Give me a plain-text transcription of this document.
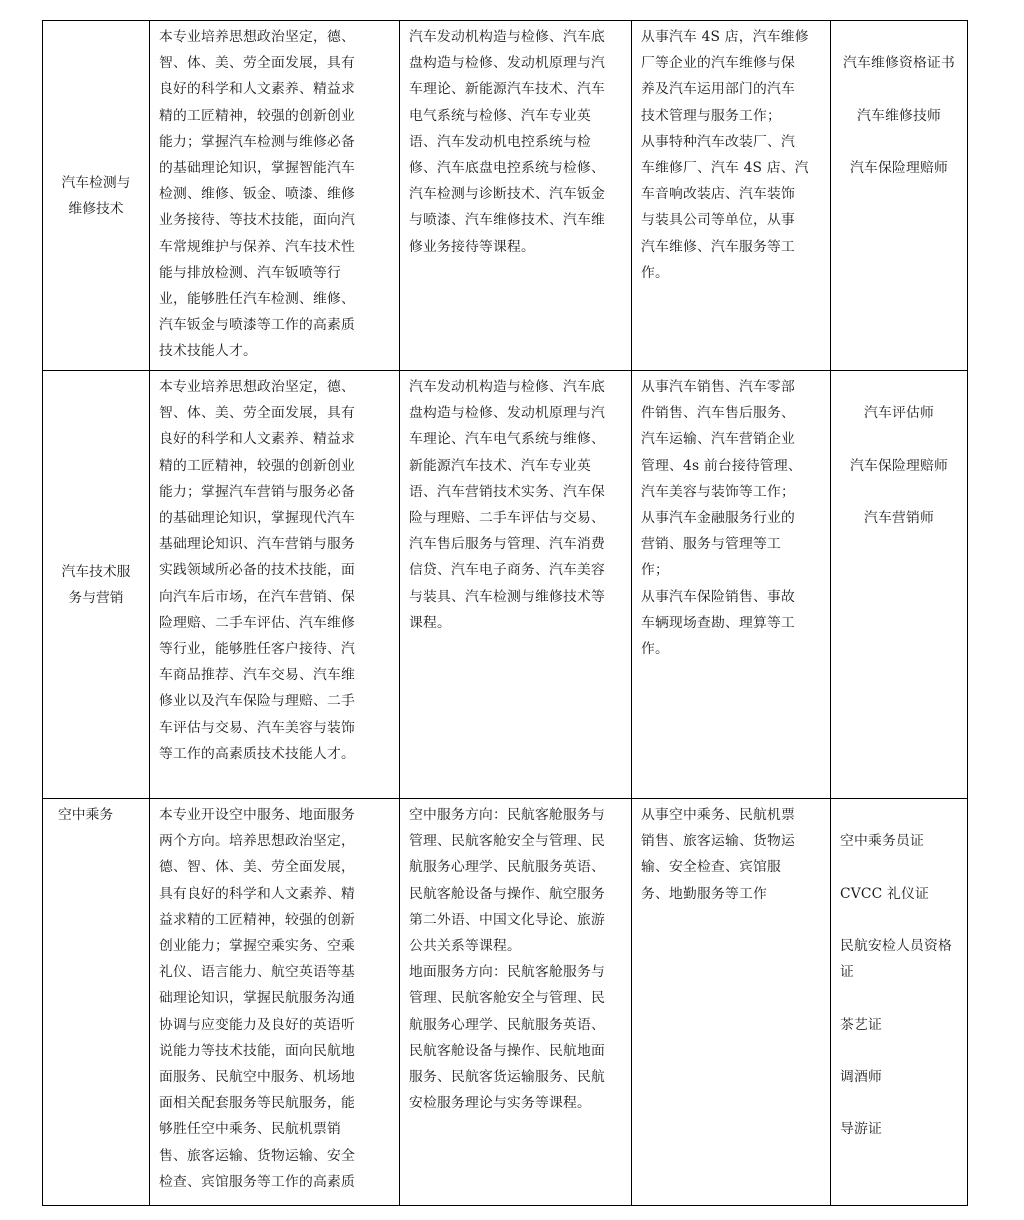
汽车检测与
维修技术
本专业培养思想政治坚定，德、
智、体、美、劳全面发展，具有
良好的科学和人文素养、精益求
精的工匠精神，较强的创新创业
能力；掌握汽车检测与维修必备
的基础理论知识，掌握智能汽车
检测、维修、钣金、喷漆、维修
业务接待、等技术技能，面向汽
车常规维护与保养、汽车技术性
能与排放检测、汽车钣喷等行
业，能够胜任汽车检测、维修、
汽车钣金与喷漆等工作的高素质
技术技能人才。
汽车发动机构造与检修、汽车底
盘构造与检修、发动机原理与汽
车理论、新能源汽车技术、汽车
电气系统与检修、汽车专业英
语、汽车发动机电控系统与检
修、汽车底盘电控系统与检修、
汽车检测与诊断技术、汽车钣金
与喷漆、汽车维修技术、汽车维
修业务接待等课程。
从事汽车 4S 店，汽车维修
厂等企业的汽车维修与保
养及汽车运用部门的汽车
技术管理与服务工作；
从事特种汽车改装厂、汽
车维修厂、汽车 4S 店、汽
车音响改装店、汽车装饰
与装具公司等单位，从事
汽车维修、汽车服务等工
作。

汽车维修资格证书

汽车维修技师

汽车保险理赔师

汽车技术服
务与营销
本专业培养思想政治坚定，德、
智、体、美、劳全面发展，具有
良好的科学和人文素养、精益求
精的工匠精神，较强的创新创业
能力；掌握汽车营销与服务必备
的基础理论知识，掌握现代汽车
基础理论知识、汽车营销与服务
实践领域所必备的技术技能，面
向汽车后市场，在汽车营销、保
险理赔、二手车评估、汽车维修
等行业，能够胜任客户接待、汽
车商品推荐、汽车交易、汽车维
修业以及汽车保险与理赔、二手
车评估与交易、汽车美容与装饰
等工作的高素质技术技能人才。
汽车发动机构造与检修、汽车底
盘构造与检修、发动机原理与汽
车理论、汽车电气系统与维修、
新能源汽车技术、汽车专业英
语、汽车营销技术实务、汽车保
险与理赔、二手车评估与交易、
汽车售后服务与管理、汽车消费
信贷、汽车电子商务、汽车美容
与装具、汽车检测与维修技术等
课程。
从事汽车销售、汽车零部
件销售、汽车售后服务、
汽车运输、汽车营销企业
管理、4s 前台接待管理、
汽车美容与装饰等工作；
从事汽车金融服务行业的
营销、服务与管理等工
作；
从事汽车保险销售、事故
车辆现场查勘、理算等工
作。

汽车评估师

汽车保险理赔师

汽车营销师

空中乘务	本专业开设空中服务、地面服务
两个方向。培养思想政治坚定，
德、智、体、美、劳全面发展，
具有良好的科学和人文素养、精
益求精的工匠精神，较强的创新
创业能力；掌握空乘实务、空乘
礼仪、语言能力、航空英语等基
础理论知识，掌握民航服务沟通
协调与应变能力及良好的英语听
说能力等技术技能，面向民航地
面服务、民航空中服务、机场地
面相关配套服务等民航服务，能
够胜任空中乘务、民航机票销
售、旅客运输、货物运输、安全
检查、宾馆服务等工作的高素质
空中服务方向：民航客舱服务与
管理、民航客舱安全与管理、民
航服务心理学、民航服务英语、
民航客舱设备与操作、航空服务
第二外语、中国文化导论、旅游
公共关系等课程。
地面服务方向：民航客舱服务与
管理、民航客舱安全与管理、民
航服务心理学、民航服务英语、
民航客舱设备与操作、民航地面
服务、民航客货运输服务、民航
安检服务理论与实务等课程。
从事空中乘务、民航机票
销售、旅客运输、货物运
输、安全检查、宾馆服
务、地勤服务等工作

空中乘务员证

CVCC 礼仪证

民航安检人员资格
证

茶艺证

调酒师

导游证
